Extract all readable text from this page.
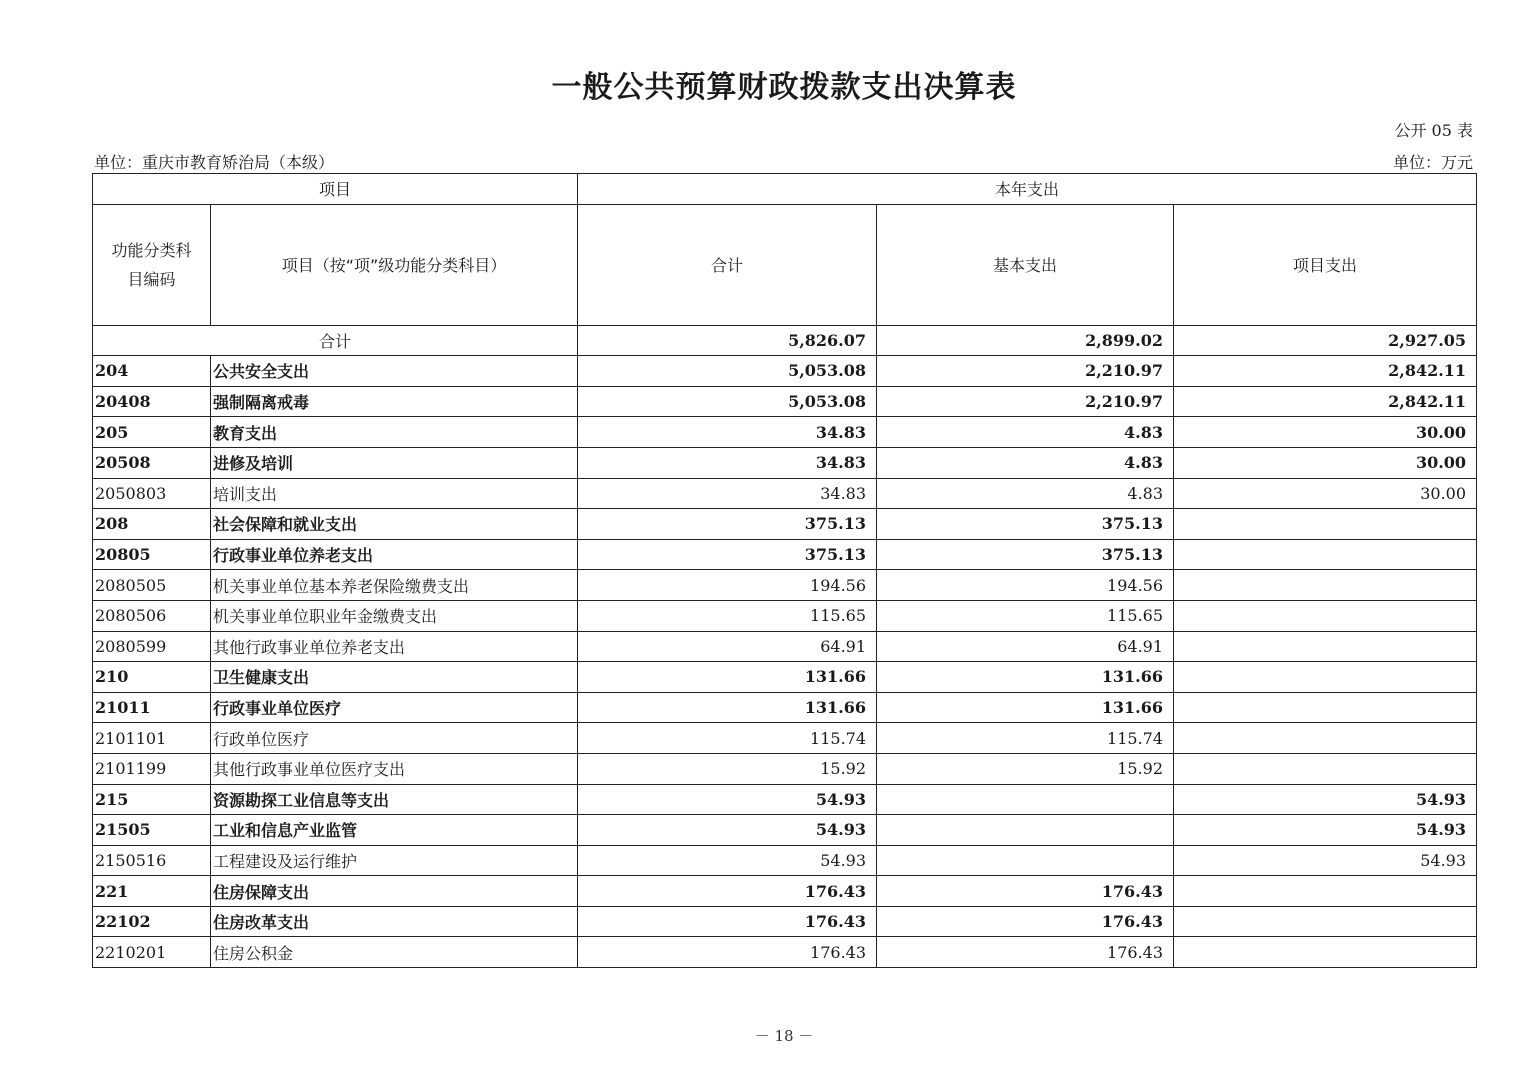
一般公共预算财政拨款支出决算表
公开 05 表
单位：重庆市教育矫治局（本级）	单位：万元
项目		本年支出		
功能分类科目编码	项目（按“项”级功能分类科目）	合计	基本支出	项目支出
合计		5,826.07	2,899.02	2,927.05
204	公共安全支出	5,053.08	2,210.97	2,842.11
20408	强制隔离戒毒	5,053.08	2,210.97	2,842.11
205	教育支出	34.83	4.83	30.00
20508	进修及培训	34.83	4.83	30.00
2050803	培训支出	34.83	4.83	30.00
208	社会保障和就业支出	375.13	375.13	
20805	行政事业单位养老支出	375.13	375.13	
2080505	机关事业单位基本养老保险缴费支出	194.56	194.56	
2080506	机关事业单位职业年金缴费支出	115.65	115.65	
2080599	其他行政事业单位养老支出	64.91	64.91	
210	卫生健康支出	131.66	131.66	
21011	行政事业单位医疗	131.66	131.66	
2101101	行政单位医疗	115.74	115.74	
2101199	其他行政事业单位医疗支出	15.92	15.92	
215	资源勘探工业信息等支出	54.93		54.93
21505	工业和信息产业监管	54.93		54.93
2150516	工程建设及运行维护	54.93		54.93
221	住房保障支出	176.43	176.43	
22102	住房改革支出	176.43	176.43	
2210201	住房公积金	176.43	176.43	
－ 18 －
